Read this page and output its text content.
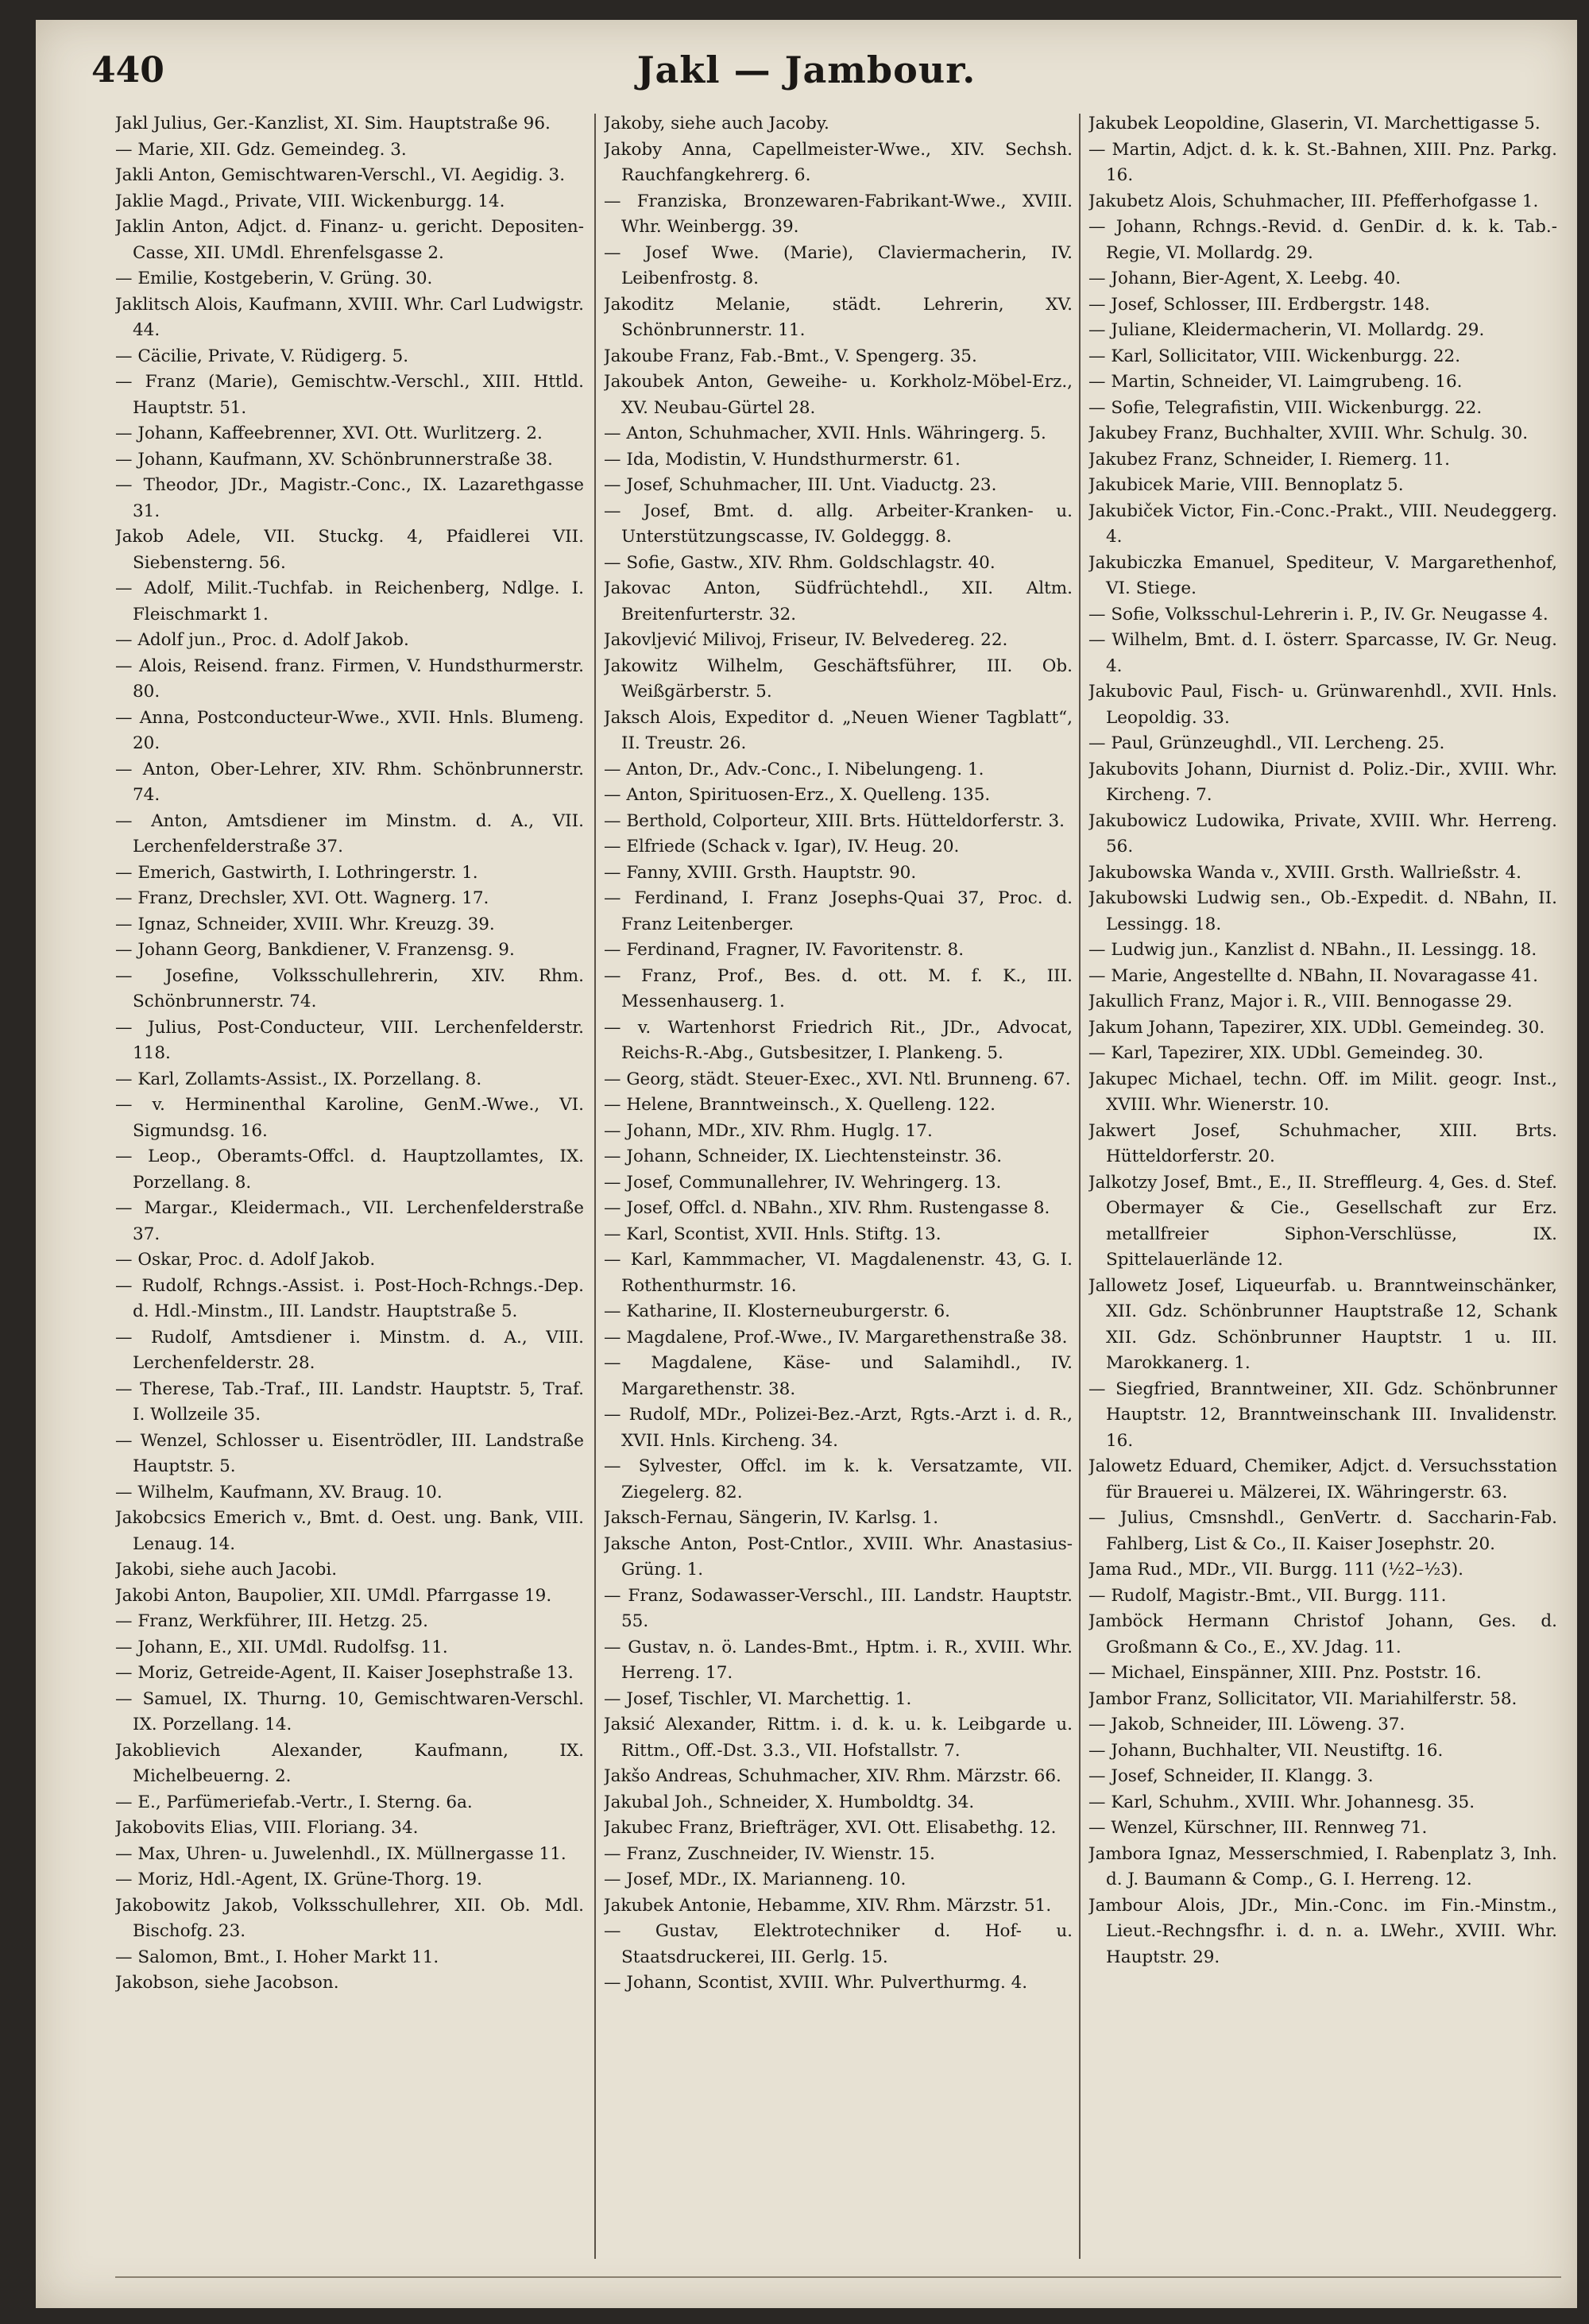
440	Jakl — Jambour.

Jakl Julius, Ger.-Kanzlist, XI. Sim. Hauptstraße 96.

— Marie, XII. Gdz. Gemeindeg. 3.

Jakli Anton, Gemischtwaren-Verschl., VI. Aegidig. 3.

Jaklie Magd., Private, VIII. Wickenburgg. 14.

Jaklin Anton, Adjct. d. Finanz- u. gericht. Depositen-Casse, XII. UMdl. Ehrenfelsgasse 2.

— Emilie, Kostgeberin, V. Grüng. 30.

Jaklitsch Alois, Kaufmann, XVIII. Whr. Carl Ludwigstr. 44.

— Cäcilie, Private, V. Rüdigerg. 5.

— Franz (Marie), Gemischtw.-Verschl., XIII. Httld. Hauptstr. 51.

— Johann, Kaffeebrenner, XVI. Ott. Wurlitzerg. 2.

— Johann, Kaufmann, XV. Schönbrunnerstraße 38.

— Theodor, JDr., Magistr.-Conc., IX. Lazarethgasse 31.

Jakob Adele, VII. Stuckg. 4, Pfaidlerei VII. Siebensterng. 56.

— Adolf, Milit.-Tuchfab. in Reichenberg, Ndlge. I. Fleischmarkt 1.

— Adolf jun., Proc. d. Adolf Jakob.

— Alois, Reisend. franz. Firmen, V. Hundsthurmerstr. 80.

— Anna, Postconducteur-Wwe., XVII. Hnls. Blumeng. 20.

— Anton, Ober-Lehrer, XIV. Rhm. Schönbrunnerstr. 74.

— Anton, Amtsdiener im Minstm. d. A., VII. Lerchenfelderstraße 37.

— Emerich, Gastwirth, I. Lothringerstr. 1.

— Franz, Drechsler, XVI. Ott. Wagnerg. 17.

— Ignaz, Schneider, XVIII. Whr. Kreuzg. 39.

— Johann Georg, Bankdiener, V. Franzensg. 9.

— Josefine, Volksschullehrerin, XIV. Rhm. Schönbrunnerstr. 74.

— Julius, Post-Conducteur, VIII. Lerchenfelderstr. 118.

— Karl, Zollamts-Assist., IX. Porzellang. 8.

— v. Herminenthal Karoline, GenM.-Wwe., VI. Sigmundsg. 16.

— Leop., Oberamts-Offcl. d. Hauptzollamtes, IX. Porzellang. 8.

— Margar., Kleidermach., VII. Lerchenfelderstraße 37.

— Oskar, Proc. d. Adolf Jakob.

— Rudolf, Rchngs.-Assist. i. Post-Hoch-Rchngs.-Dep. d. Hdl.-Minstm., III. Landstr. Hauptstraße 5.

— Rudolf, Amtsdiener i. Minstm. d. A., VIII. Lerchenfelderstr. 28.

— Therese, Tab.-Traf., III. Landstr. Hauptstr. 5, Traf. I. Wollzeile 35.

— Wenzel, Schlosser u. Eisentrödler, III. Landstraße Hauptstr. 5.

— Wilhelm, Kaufmann, XV. Braug. 10.

Jakobcsics Emerich v., Bmt. d. Oest. ung. Bank, VIII. Lenaug. 14.

Jakobi, siehe auch Jacobi.

Jakobi Anton, Baupolier, XII. UMdl. Pfarrgasse 19.

— Franz, Werkführer, III. Hetzg. 25.

— Johann, E., XII. UMdl. Rudolfsg. 11.

— Moriz, Getreide-Agent, II. Kaiser Josephstraße 13.

— Samuel, IX. Thurng. 10, Gemischtwaren-Verschl. IX. Porzellang. 14.

Jakoblievich Alexander, Kaufmann, IX. Michelbeuerng. 2.

— E., Parfümeriefab.-Vertr., I. Sterng. 6a.

Jakobovits Elias, VIII. Floriang. 34.

— Max, Uhren- u. Juwelenhdl., IX. Müllnergasse 11.

— Moriz, Hdl.-Agent, IX. Grüne-Thorg. 19.

Jakobowitz Jakob, Volksschullehrer, XII. Ob. Mdl. Bischofg. 23.

— Salomon, Bmt., I. Hoher Markt 11.

Jakobson, siehe Jacobson.

Jakoby, siehe auch Jacoby.

Jakoby Anna, Capellmeister-Wwe., XIV. Sechsh. Rauchfangkehrerg. 6.

— Franziska, Bronzewaren-Fabrikant-Wwe., XVIII. Whr. Weinbergg. 39.

— Josef Wwe. (Marie), Claviermacherin, IV. Leibenfrostg. 8.

Jakoditz Melanie, städt. Lehrerin, XV. Schönbrunnerstr. 11.

Jakoube Franz, Fab.-Bmt., V. Spengerg. 35.

Jakoubek Anton, Geweihe- u. Korkholz-Möbel-Erz., XV. Neubau-Gürtel 28.

— Anton, Schuhmacher, XVII. Hnls. Währingerg. 5.

— Ida, Modistin, V. Hundsthurmerstr. 61.

— Josef, Schuhmacher, III. Unt. Viaductg. 23.

— Josef, Bmt. d. allg. Arbeiter-Kranken- u. Unterstützungscasse, IV. Goldeggg. 8.

— Sofie, Gastw., XIV. Rhm. Goldschlagstr. 40.

Jakovac Anton, Südfrüchtehdl., XII. Altm. Breitenfurterstr. 32.

Jakovljević Milivoj, Friseur, IV. Belvedereg. 22.

Jakowitz Wilhelm, Geschäftsführer, III. Ob. Weißgärberstr. 5.

Jaksch Alois, Expeditor d. „Neuen Wiener Tagblatt“, II. Treustr. 26.

— Anton, Dr., Adv.-Conc., I. Nibelungeng. 1.

— Anton, Spirituosen-Erz., X. Quelleng. 135.

— Berthold, Colporteur, XIII. Brts. Hütteldorferstr. 3.

— Elfriede (Schack v. Igar), IV. Heug. 20.

— Fanny, XVIII. Grsth. Hauptstr. 90.

— Ferdinand, I. Franz Josephs-Quai 37, Proc. d. Franz Leitenberger.

— Ferdinand, Fragner, IV. Favoritenstr. 8.

— Franz, Prof., Bes. d. ott. M. f. K., III. Messenhauserg. 1.

— v. Wartenhorst Friedrich Rit., JDr., Advocat, Reichs-R.-Abg., Gutsbesitzer, I. Plankeng. 5.

— Georg, städt. Steuer-Exec., XVI. Ntl. Brunneng. 67.

— Helene, Branntweinsch., X. Quelleng. 122.

— Johann, MDr., XIV. Rhm. Huglg. 17.

— Johann, Schneider, IX. Liechtensteinstr. 36.

— Josef, Communallehrer, IV. Wehringerg. 13.

— Josef, Offcl. d. NBahn., XIV. Rhm. Rustengasse 8.

— Karl, Scontist, XVII. Hnls. Stiftg. 13.

— Karl, Kammmacher, VI. Magdalenenstr. 43, G. I. Rothenthurmstr. 16.

— Katharine, II. Klosterneuburgerstr. 6.

— Magdalene, Prof.-Wwe., IV. Margarethenstraße 38.

— Magdalene, Käse- und Salamihdl., IV. Margarethenstr. 38.

— Rudolf, MDr., Polizei-Bez.-Arzt, Rgts.-Arzt i. d. R., XVII. Hnls. Kircheng. 34.

— Sylvester, Offcl. im k. k. Versatzamte, VII. Ziegelerg. 82.

Jaksch-Fernau, Sängerin, IV. Karlsg. 1.

Jaksche Anton, Post-Cntlor., XVIII. Whr. Anastasius-Grüng. 1.

— Franz, Sodawasser-Verschl., III. Landstr. Hauptstr. 55.

— Gustav, n. ö. Landes-Bmt., Hptm. i. R., XVIII. Whr. Herreng. 17.

— Josef, Tischler, VI. Marchettig. 1.

Jaksić Alexander, Rittm. i. d. k. u. k. Leibgarde u. Rittm., Off.-Dst. 3.3., VII. Hofstallstr. 7.

Jakšo Andreas, Schuhmacher, XIV. Rhm. Märzstr. 66.

Jakubal Joh., Schneider, X. Humboldtg. 34.

Jakubec Franz, Briefträger, XVI. Ott. Elisabethg. 12.

— Franz, Zuschneider, IV. Wienstr. 15.

— Josef, MDr., IX. Marianneng. 10.

Jakubek Antonie, Hebamme, XIV. Rhm. Märzstr. 51.

— Gustav, Elektrotechniker d. Hof- u. Staatsdruckerei, III. Gerlg. 15.

— Johann, Scontist, XVIII. Whr. Pulverthurmg. 4.

Jakubek Leopoldine, Glaserin, VI. Marchettigasse 5.

— Martin, Adjct. d. k. k. St.-Bahnen, XIII. Pnz. Parkg. 16.

Jakubetz Alois, Schuhmacher, III. Pfefferhofgasse 1.

— Johann, Rchngs.-Revid. d. GenDir. d. k. k. Tab.-Regie, VI. Mollardg. 29.

— Johann, Bier-Agent, X. Leebg. 40.

— Josef, Schlosser, III. Erdbergstr. 148.

— Juliane, Kleidermacherin, VI. Mollardg. 29.

— Karl, Sollicitator, VIII. Wickenburgg. 22.

— Martin, Schneider, VI. Laimgrubeng. 16.

— Sofie, Telegrafistin, VIII. Wickenburgg. 22.

Jakubey Franz, Buchhalter, XVIII. Whr. Schulg. 30.

Jakubez Franz, Schneider, I. Riemerg. 11.

Jakubicek Marie, VIII. Bennoplatz 5.

Jakubiček Victor, Fin.-Conc.-Prakt., VIII. Neudeggerg. 4.

Jakubiczka Emanuel, Spediteur, V. Margarethenhof, VI. Stiege.

— Sofie, Volksschul-Lehrerin i. P., IV. Gr. Neugasse 4.

— Wilhelm, Bmt. d. I. österr. Sparcasse, IV. Gr. Neug. 4.

Jakubovic Paul, Fisch- u. Grünwarenhdl., XVII. Hnls. Leopoldig. 33.

— Paul, Grünzeughdl., VII. Lercheng. 25.

Jakubovits Johann, Diurnist d. Poliz.-Dir., XVIII. Whr. Kircheng. 7.

Jakubowicz Ludowika, Private, XVIII. Whr. Herreng. 56.

Jakubowska Wanda v., XVIII. Grsth. Wallrießstr. 4.

Jakubowski Ludwig sen., Ob.-Expedit. d. NBahn, II. Lessingg. 18.

— Ludwig jun., Kanzlist d. NBahn., II. Lessingg. 18.

— Marie, Angestellte d. NBahn, II. Novaragasse 41.

Jakullich Franz, Major i. R., VIII. Bennogasse 29.

Jakum Johann, Tapezirer, XIX. UDbl. Gemeindeg. 30.

— Karl, Tapezirer, XIX. UDbl. Gemeindeg. 30.

Jakupec Michael, techn. Off. im Milit. geogr. Inst., XVIII. Whr. Wienerstr. 10.

Jakwert Josef, Schuhmacher, XIII. Brts. Hütteldorferstr. 20.

Jalkotzy Josef, Bmt., E., II. Streffleurg. 4, Ges. d. Stef. Obermayer & Cie., Gesellschaft zur Erz. metallfreier Siphon-Verschlüsse, IX. Spittelauerlände 12.

Jallowetz Josef, Liqueurfab. u. Branntweinschänker, XII. Gdz. Schönbrunner Hauptstraße 12, Schank XII. Gdz. Schönbrunner Hauptstr. 1 u. III. Marokkanerg. 1.

— Siegfried, Branntweiner, XII. Gdz. Schönbrunner Hauptstr. 12, Branntweinschank III. Invalidenstr. 16.

Jalowetz Eduard, Chemiker, Adjct. d. Versuchsstation für Brauerei u. Mälzerei, IX. Währingerstr. 63.

— Julius, Cmsnshdl., GenVertr. d. Saccharin-Fab. Fahlberg, List & Co., II. Kaiser Josephstr. 20.

Jama Rud., MDr., VII. Burgg. 111 (½2–½3).

— Rudolf, Magistr.-Bmt., VII. Burgg. 111.

Jamböck Hermann Christof Johann, Ges. d. Großmann & Co., E., XV. Jdag. 11.

— Michael, Einspänner, XIII. Pnz. Poststr. 16.

Jambor Franz, Sollicitator, VII. Mariahilferstr. 58.

— Jakob, Schneider, III. Löweng. 37.

— Johann, Buchhalter, VII. Neustiftg. 16.

— Josef, Schneider, II. Klangg. 3.

— Karl, Schuhm., XVIII. Whr. Johannesg. 35.

— Wenzel, Kürschner, III. Rennweg 71.

Jambora Ignaz, Messerschmied, I. Rabenplatz 3, Inh. d. J. Baumann & Comp., G. I. Herreng. 12.

Jambour Alois, JDr., Min.-Conc. im Fin.-Minstm., Lieut.-Rechngsfhr. i. d. n. a. LWehr., XVIII. Whr. Hauptstr. 29.
